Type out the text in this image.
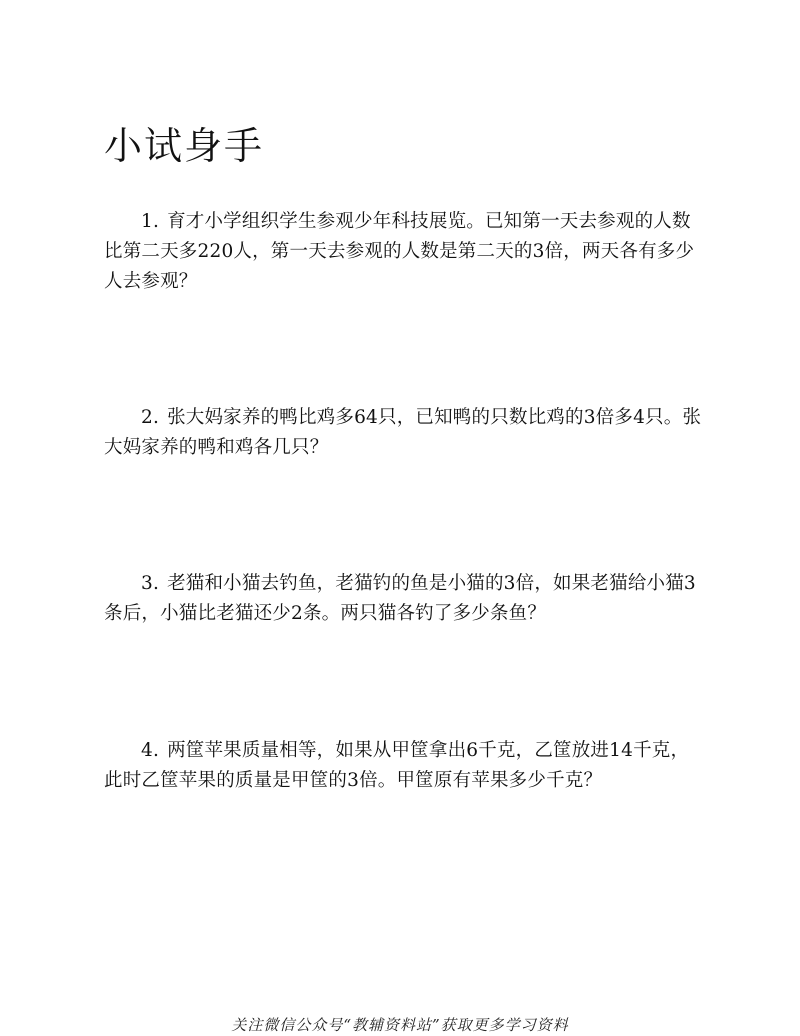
小试身手

1. 育才小学组织学生参观少年科技展览。已知第一天去参观的人数比第二天多220人，第一天去参观的人数是第二天的3倍，两天各有多少人去参观？

2. 张大妈家养的鸭比鸡多64只，已知鸭的只数比鸡的3倍多4只。张大妈家养的鸭和鸡各几只？

3. 老猫和小猫去钓鱼，老猫钓的鱼是小猫的3倍，如果老猫给小猫3条后，小猫比老猫还少2条。两只猫各钓了多少条鱼？

4. 两筐苹果质量相等，如果从甲筐拿出6千克，乙筐放进14千克，此时乙筐苹果的质量是甲筐的3倍。甲筐原有苹果多少千克？

关注微信公众号“教辅资料站”获取更多学习资料
